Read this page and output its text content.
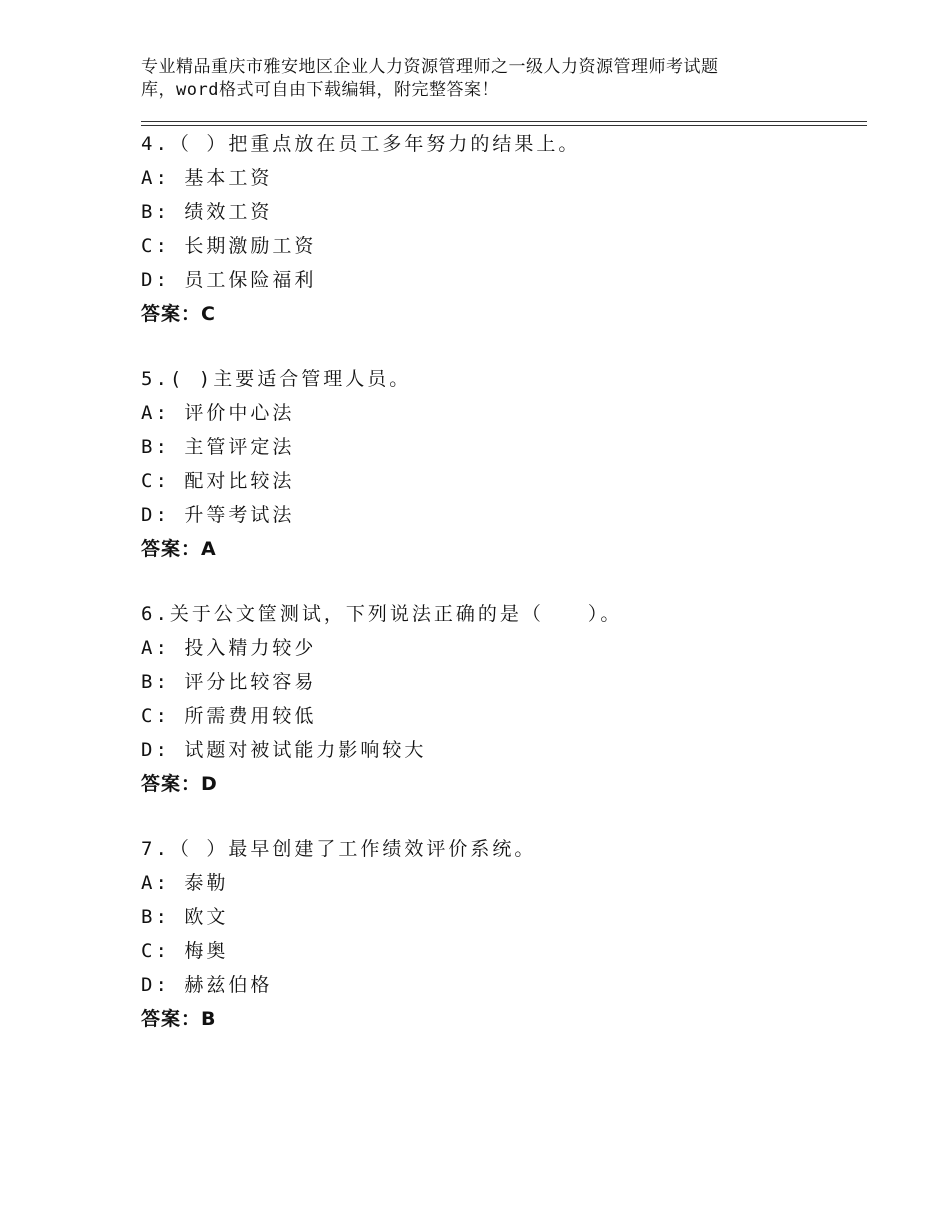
专业精品重庆市雅安地区企业人力资源管理师之一级人力资源管理师考试题
库，word格式可自由下载编辑，附完整答案！
4.（ ）把重点放在员工多年努力的结果上。
A: 基本工资
B: 绩效工资
C: 长期激励工资
D: 员工保险福利
答案：C
5.( )主要适合管理人员。
A: 评价中心法
B: 主管评定法
C: 配对比较法
D: 升等考试法
答案：A
6.关于公文筐测试，下列说法正确的是（　　）。
A: 投入精力较少
B: 评分比较容易
C: 所需费用较低
D: 试题对被试能力影响较大
答案：D
7.（ ）最早创建了工作绩效评价系统。
A: 泰勒
B: 欧文
C: 梅奥
D: 赫兹伯格
答案：B
